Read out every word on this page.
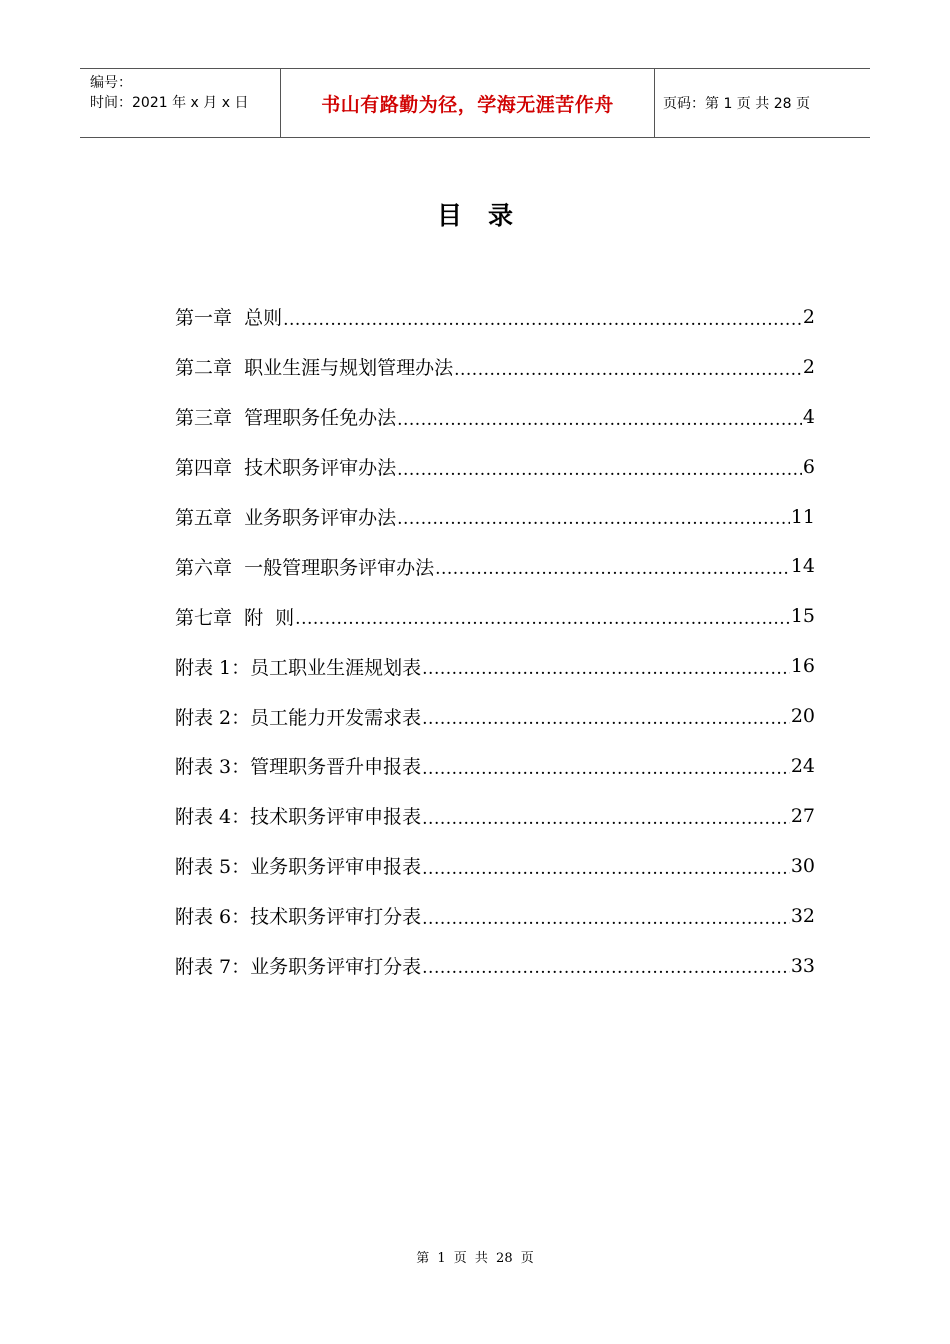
编号：
时间：2021 年 x 月 x 日	书山有路勤为径，学海无涯苦作舟	页码：第 1 页 共 28 页
目录
第一章  总则 .....	2
第二章  职业生涯与规划管理办法 .....	2
第三章  管理职务任免办法 .....	4
第四章  技术职务评审办法 .....	6
第五章  业务职务评审办法 .....	11
第六章  一般管理职务评审办法 .....	14
第七章  附  则 .....	15
附表 1：员工职业生涯规划表 .....	16
附表 2：员工能力开发需求表 .....	20
附表 3：管理职务晋升申报表 .....	24
附表 4：技术职务评审申报表 .....	27
附表 5：业务职务评审申报表 .....	30
附表 6：技术职务评审打分表 .....	32
附表 7：业务职务评审打分表 .....	33
第 1 页 共 28 页
